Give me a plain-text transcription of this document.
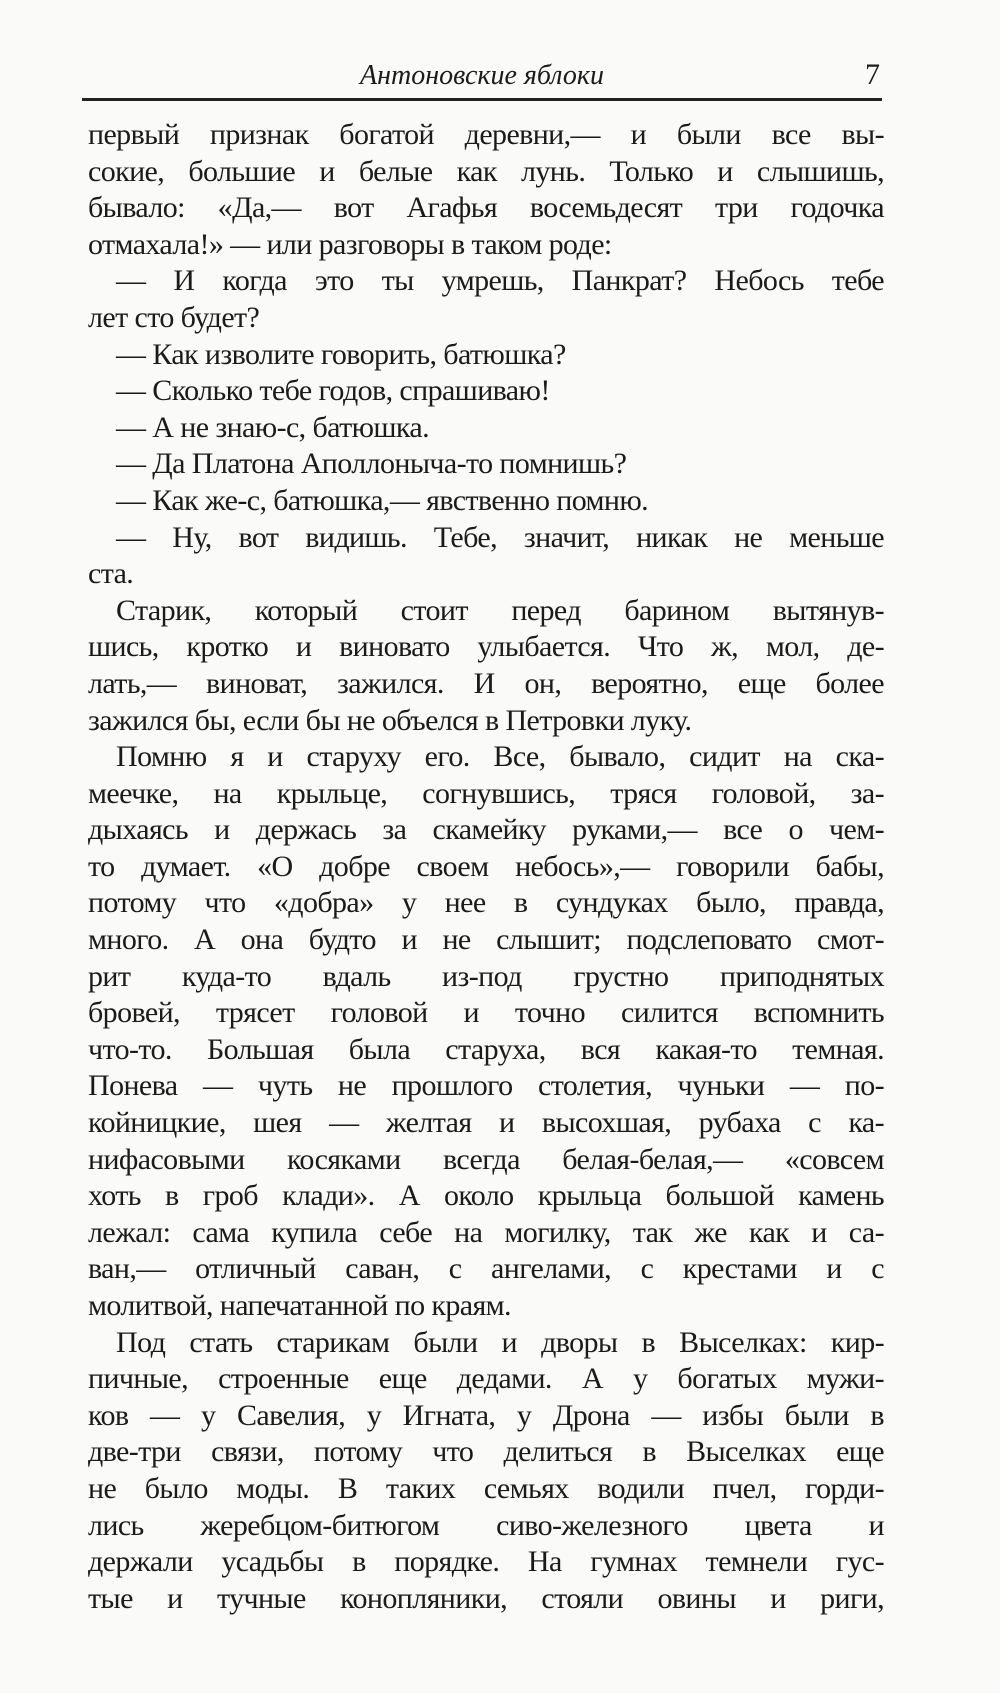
Антоновские яблоки	7
первый признак богатой деревни,— и были все вы-
сокие, большие и белые как лунь. Только и слышишь,
бывало: «Да,— вот Агафья восемьдесят три годочка
отмахала!» — или разговоры в таком роде:
— И когда это ты умрешь, Панкрат? Небось тебе
лет сто будет?
— Как изволите говорить, батюшка?
— Сколько тебе годов, спрашиваю!
— А не знаю-с, батюшка.
— Да Платона Аполлоныча-то помнишь?
— Как же-с, батюшка,— явственно помню.
— Ну, вот видишь. Тебе, значит, никак не меньше
ста.
Старик, который стоит перед барином вытянув-
шись, кротко и виновато улыбается. Что ж, мол, де-
лать,— виноват, зажился. И он, вероятно, еще более
зажился бы, если бы не объелся в Петровки луку.
Помню я и старуху его. Все, бывало, сидит на ска-
меечке, на крыльце, согнувшись, тряся головой, за-
дыхаясь и держась за скамейку руками,— все о чем-
то думает. «О добре своем небось»,— говорили бабы,
потому что «добра» у нее в сундуках было, правда,
много. А она будто и не слышит; подслеповато смот-
рит куда-то вдаль из-под грустно приподнятых
бровей, трясет головой и точно силится вспомнить
что-то. Большая была старуха, вся какая-то темная.
Понева — чуть не прошлого столетия, чуньки — по-
койницкие, шея — желтая и высохшая, рубаха с ка-
нифасовыми косяками всегда белая-белая,— «совсем
хоть в гроб клади». А около крыльца большой камень
лежал: сама купила себе на могилку, так же как и са-
ван,— отличный саван, с ангелами, с крестами и с
молитвой, напечатанной по краям.
Под стать старикам были и дворы в Выселках: кир-
пичные, строенные еще дедами. А у богатых мужи-
ков — у Савелия, у Игната, у Дрона — избы были в
две-три связи, потому что делиться в Выселках еще
не было моды. В таких семьях водили пчел, горди-
лись жеребцом-битюгом сиво-железного цвета и
держали усадьбы в порядке. На гумнах темнели гус-
тые и тучные конопляники, стояли овины и риги,
